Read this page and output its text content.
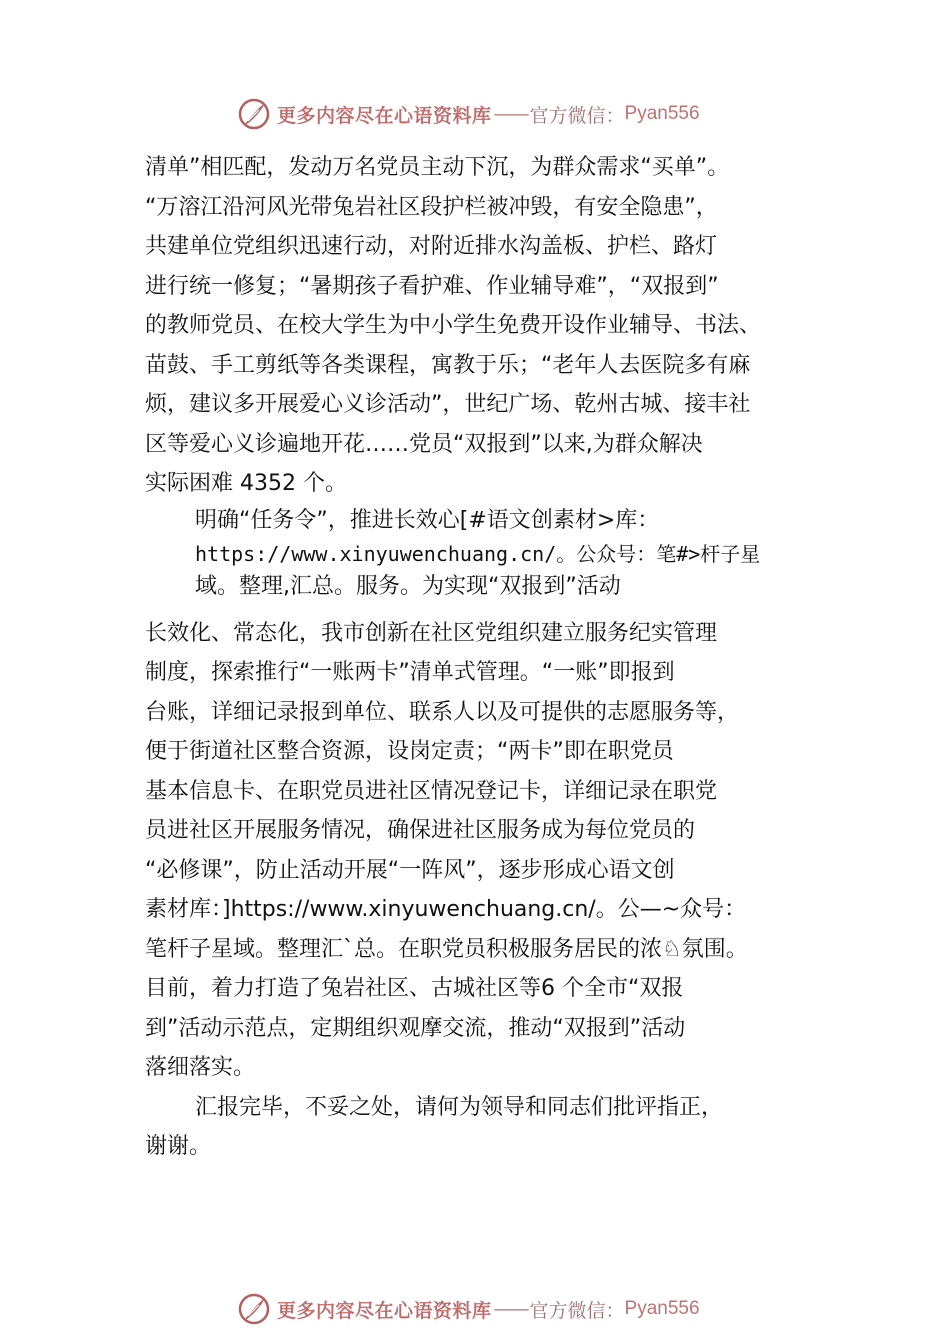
更多内容尽在心语资料库 —— 官方微信： Pyan556
清单”相匹配，发动万名党员主动下沉，为群众需求“买单”。
“万溶江沿河风光带兔岩社区段护栏被冲毁，有安全隐患”，
共建单位党组织迅速行动，对附近排水沟盖板、护栏、路灯
进行统一修复；“暑期孩子看护难、作业辅导难”，“双报到”
的教师党员、在校大学生为中小学生免费开设作业辅导、书法、
苗鼓、手工剪纸等各类课程，寓教于乐；“老年人去医院多有麻
烦，建议多开展爱心义诊活动”，世纪广场、乾州古城、接丰社
区等爱心义诊遍地开花……党员“双报到”以来,为群众解决
实际困难 4352 个。
明确“任务令”，推进长效心[#语文创素材>库：
https://www.xinyuwenchuang.cn/。公众号：笔#>杆子星
域。整理,汇总。服务。为实现“双报到”活动
长效化、常态化，我市创新在社区党组织建立服务纪实管理
制度，探索推行“一账两卡”清单式管理。“一账”即报到
台账，详细记录报到单位、联系人以及可提供的志愿服务等，
便于街道社区整合资源，设岗定责；“两卡”即在职党员
基本信息卡、在职党员进社区情况登记卡，详细记录在职党
员进社区开展服务情况，确保进社区服务成为每位党员的
“必修课”，防止活动开展“一阵风”，逐步形成心语文创
素材库：]https://www.xinyuwenchuang.cn/。公—~众号：
笔杆子星域。整理汇`总。在职党员积极服务居民的浓♘氛围。
目前，着力打造了兔岩社区、古城社区等6 个全市“双报
到”活动示范点，定期组织观摩交流，推动“双报到”活动
落细落实。
汇报完毕，不妥之处，请何为领导和同志们批评指正，
谢谢。
更多内容尽在心语资料库 —— 官方微信： Pyan556
